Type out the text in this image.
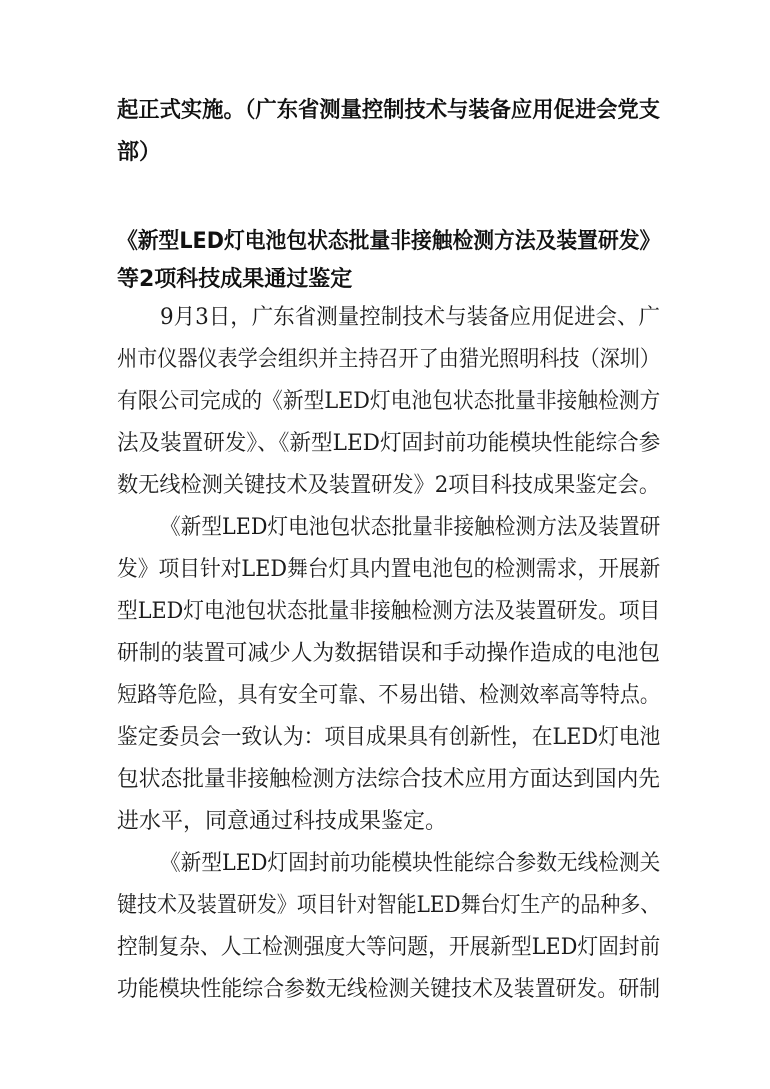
起正式实施。（广东省测量控制技术与装备应用促进会党支
部）
《新型LED灯电池包状态批量非接触检测方法及装置研发》
等2项科技成果通过鉴定
9月3日，广东省测量控制技术与装备应用促进会、广
州市仪器仪表学会组织并主持召开了由猎光照明科技（深圳）
有限公司完成的《新型LED灯电池包状态批量非接触检测方
法及装置研发》、《新型LED灯固封前功能模块性能综合参
数无线检测关键技术及装置研发》2项目科技成果鉴定会。
《新型LED灯电池包状态批量非接触检测方法及装置研
发》项目针对LED舞台灯具内置电池包的检测需求，开展新
型LED灯电池包状态批量非接触检测方法及装置研发。项目
研制的装置可减少人为数据错误和手动操作造成的电池包
短路等危险，具有安全可靠、不易出错、检测效率高等特点。
鉴定委员会一致认为：项目成果具有创新性，在LED灯电池
包状态批量非接触检测方法综合技术应用方面达到国内先
进水平，同意通过科技成果鉴定。
《新型LED灯固封前功能模块性能综合参数无线检测关
键技术及装置研发》项目针对智能LED舞台灯生产的品种多、
控制复杂、人工检测强度大等问题，开展新型LED灯固封前
功能模块性能综合参数无线检测关键技术及装置研发。研制
